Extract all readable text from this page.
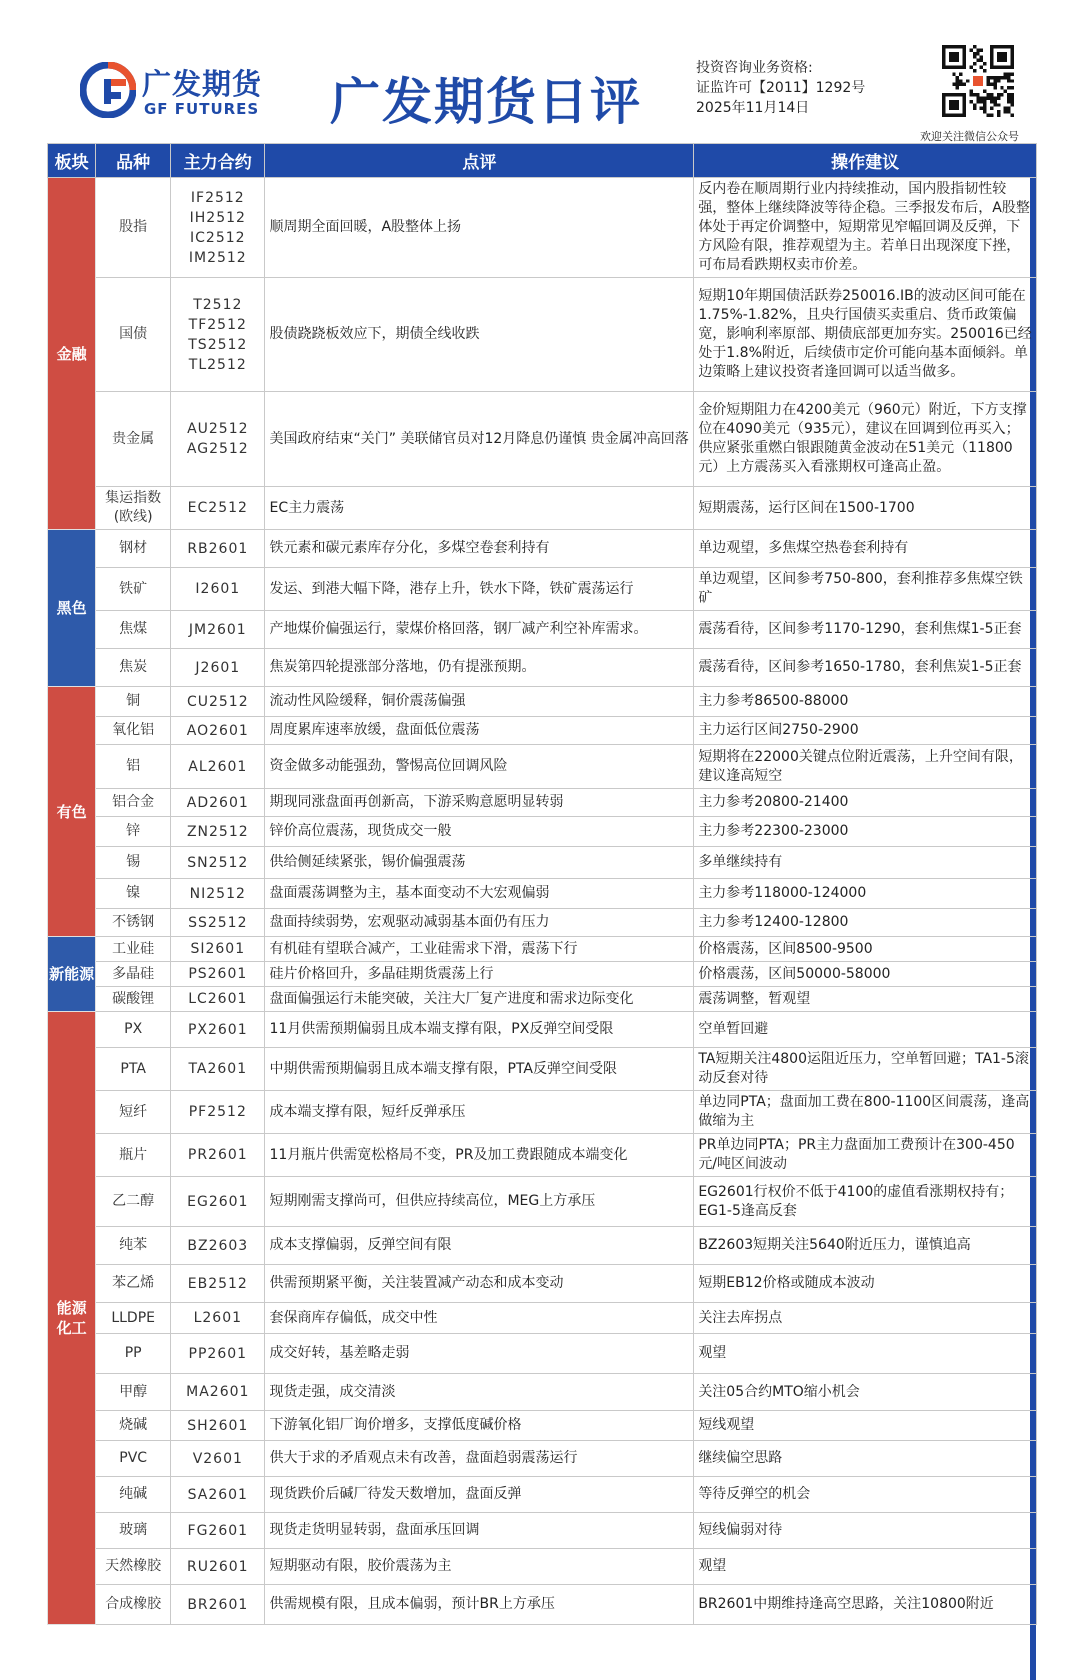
广发期货
GF FUTURES 广发期货日评
投资咨询业务资格:
证监许可【2011】1292号
2025年11月14日
欢迎关注微信公众号
板块	品种	主力合约	点评	操作建议
金融	股指	IF2512
IH2512
IC2512
IM2512	顺周期全面回暖，A股整体上扬	反内卷在顺周期行业内持续推动，国内股指韧性较强，整体上继续降波等待企稳。三季报发布后，A股整体处于再定价调整中，短期常见窄幅回调及反弹，下方风险有限，推荐观望为主。若单日出现深度下挫，可布局看跌期权卖市价差。
	国债	T2512
TF2512
TS2512
TL2512	股债跷跷板效应下，期债全线收跌	短期10年期国债活跃券250016.IB的波动区间可能在1.75%-1.82%，且央行国债买卖重启、货币政策偏宽，影响利率原部、期债底部更加夯实。250016已经处于1.8%附近，后续债市定价可能向基本面倾斜。单边策略上建议投资者逢回调可以适当做多。
	贵金属	AU2512
AG2512	美国政府结束“关门” 美联储官员对12月降息仍谨慎 贵金属冲高回落	金价短期阻力在4200美元（960元）附近，下方支撑位在4090美元（935元），建议在回调到位再买入；供应紧张重燃白银跟随黄金波动在51美元（11800元）上方震荡买入看涨期权可逢高止盈。
	集运指数
(欧线)	EC2512	EC主力震荡	短期震荡，运行区间在1500-1700
黑色	钢材	RB2601	铁元素和碳元素库存分化，多煤空卷套利持有	单边观望，多焦煤空热卷套利持有
	铁矿	I2601	发运、到港大幅下降，港存上升，铁水下降，铁矿震荡运行	单边观望，区间参考750-800，套利推荐多焦煤空铁矿
	焦煤	JM2601	产地煤价偏强运行，蒙煤价格回落，钢厂减产利空补库需求。	震荡看待，区间参考1170-1290，套利焦煤1-5正套
	焦炭	J2601	焦炭第四轮提涨部分落地，仍有提涨预期。	震荡看待，区间参考1650-1780，套利焦炭1-5正套
有色	铜	CU2512	流动性风险缓释，铜价震荡偏强	主力参考86500-88000
	氧化铝	AO2601	周度累库速率放缓，盘面低位震荡	主力运行区间2750-2900
	铝	AL2601	资金做多动能强劲，警惕高位回调风险	短期将在22000关键点位附近震荡，上升空间有限，建议逢高短空
	铝合金	AD2601	期现同涨盘面再创新高，下游采购意愿明显转弱	主力参考20800-21400
	锌	ZN2512	锌价高位震荡，现货成交一般	主力参考22300-23000
	锡	SN2512	供给侧延续紧张，锡价偏强震荡	多单继续持有
	镍	NI2512	盘面震荡调整为主，基本面变动不大宏观偏弱	主力参考118000-124000
	不锈钢	SS2512	盘面持续弱势，宏观驱动减弱基本面仍有压力	主力参考12400-12800
新能源	工业硅	SI2601	有机硅有望联合减产，工业硅需求下滑，震荡下行	价格震荡，区间8500-9500
	多晶硅	PS2601	硅片价格回升，多晶硅期货震荡上行	价格震荡，区间50000-58000
	碳酸锂	LC2601	盘面偏强运行未能突破，关注大厂复产进度和需求边际变化	震荡调整，暂观望
能源
化工	PX	PX2601	11月供需预期偏弱且成本端支撑有限，PX反弹空间受限	空单暂回避
	PTA	TA2601	中期供需预期偏弱且成本端支撑有限，PTA反弹空间受限	TA短期关注4800运阻近压力，空单暂回避；TA1-5滚动反套对待
	短纤	PF2512	成本端支撑有限，短纤反弹承压	单边同PTA；盘面加工费在800-1100区间震荡，逢高做缩为主
	瓶片	PR2601	11月瓶片供需宽松格局不变，PR及加工费跟随成本端变化	PR单边同PTA；PR主力盘面加工费预计在300-450元/吨区间波动
	乙二醇	EG2601	短期刚需支撑尚可，但供应持续高位，MEG上方承压	EG2601行权价不低于4100的虚值看涨期权持有；EG1-5逢高反套
	纯苯	BZ2603	成本支撑偏弱，反弹空间有限	BZ2603短期关注5640附近压力，谨慎追高
	苯乙烯	EB2512	供需预期紧平衡，关注装置减产动态和成本变动	短期EB12价格或随成本波动
	LLDPE	L2601	套保商库存偏低，成交中性	关注去库拐点
	PP	PP2601	成交好转，基差略走弱	观望
	甲醇	MA2601	现货走强，成交清淡	关注05合约MTO缩小机会
	烧碱	SH2601	下游氧化铝厂询价增多，支撑低度碱价格	短线观望
	PVC	V2601	供大于求的矛盾观点未有改善，盘面趋弱震荡运行	继续偏空思路
	纯碱	SA2601	现货跌价后碱厂待发天数增加，盘面反弹	等待反弹空的机会
	玻璃	FG2601	现货走货明显转弱，盘面承压回调	短线偏弱对待
	天然橡胶	RU2601	短期驱动有限，胶价震荡为主	观望
	合成橡胶	BR2601	供需规模有限，且成本偏弱，预计BR上方承压	BR2601中期维持逢高空思路，关注10800附近
